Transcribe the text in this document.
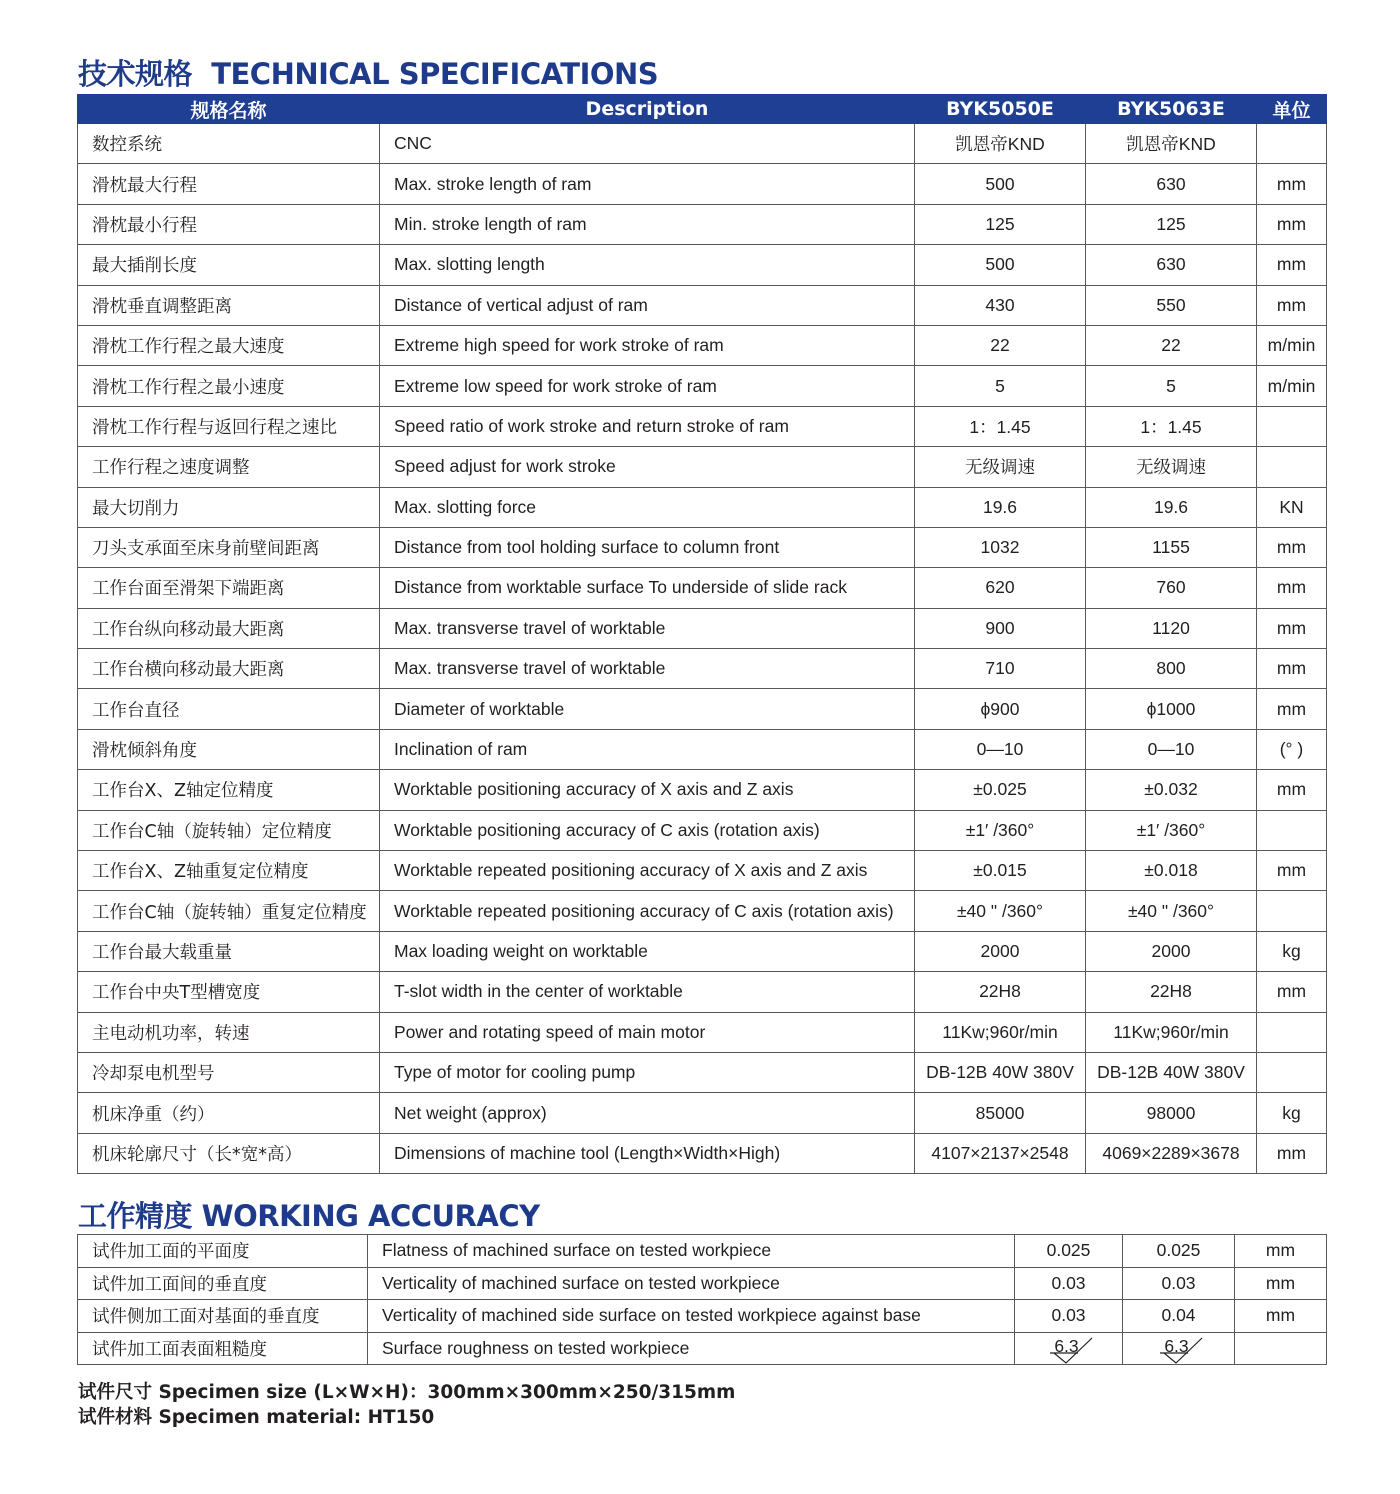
技术规格  TECHNICAL SPECIFICATIONS
规格名称	Description	BYK5050E	BYK5063E	单位
数控系统	CNC	凯恩帝KND	凯恩帝KND	
滑枕最大行程	Max. stroke length of ram	500	630	mm
滑枕最小行程	Min. stroke length of ram	125	125	mm
最大插削长度	Max. slotting length	500	630	mm
滑枕垂直调整距离	Distance of vertical adjust of ram	430	550	mm
滑枕工作行程之最大速度	Extreme high speed for work stroke of ram	22	22	m/min
滑枕工作行程之最小速度	Extreme low speed for work stroke of ram	5	5	m/min
滑枕工作行程与返回行程之速比	Speed ratio of work stroke and return stroke of ram	1：1.45	1：1.45	
工作行程之速度调整	Speed adjust for work stroke	无级调速	无级调速	
最大切削力	Max. slotting force	19.6	19.6	KN
刀头支承面至床身前壁间距离	Distance from tool holding surface to column front	1032	1155	mm
工作台面至滑架下端距离	Distance from worktable surface To underside of slide rack	620	760	mm
工作台纵向移动最大距离	Max. transverse travel of worktable	900	1120	mm
工作台横向移动最大距离	Max. transverse travel of worktable	710	800	mm
工作台直径	Diameter of worktable	ϕ900	ϕ1000	mm
滑枕倾斜角度	Inclination of ram	0—10	0—10	(° )
工作台X、Z轴定位精度	Worktable positioning accuracy of X axis and Z axis	±0.025	±0.032	mm
工作台C轴（旋转轴）定位精度	Worktable positioning accuracy of C axis (rotation axis)	±1′ /360°	±1′ /360°	
工作台X、Z轴重复定位精度	Worktable repeated positioning accuracy of X axis and Z axis	±0.015	±0.018	mm
工作台C轴（旋转轴）重复定位精度	Worktable repeated positioning accuracy of C axis (rotation axis)	±40 " /360°	±40 " /360°	
工作台最大载重量	Max loading weight on worktable	2000	2000	kg
工作台中央T型槽宽度	T-slot width in the center of worktable	22H8	22H8	mm
主电动机功率，转速	Power and rotating speed of main motor	11Kw;960r/min	11Kw;960r/min	
冷却泵电机型号	Type of motor for cooling pump	DB-12B 40W 380V	DB-12B 40W 380V	
机床净重（约）	Net weight (approx)	85000	98000	kg
机床轮廓尺寸（长*宽*高）	Dimensions of machine tool (Length×Width×High)	4107×2137×2548	4069×2289×3678	mm
工作精度 WORKING ACCURACY
试件加工面的平面度	Flatness of machined surface on tested workpiece	0.025	0.025	mm
试件加工面间的垂直度	Verticality of machined surface on tested workpiece	0.03	0.03	mm
试件侧加工面对基面的垂直度	Verticality of machined side surface on tested workpiece against base	0.03	0.04	mm
试件加工面表面粗糙度	Surface roughness on tested workpiece	6.3	6.3

试件尺寸 Specimen size (L×W×H)：300mm×300mm×250/315mm
试件材料 Specimen material: HT150
